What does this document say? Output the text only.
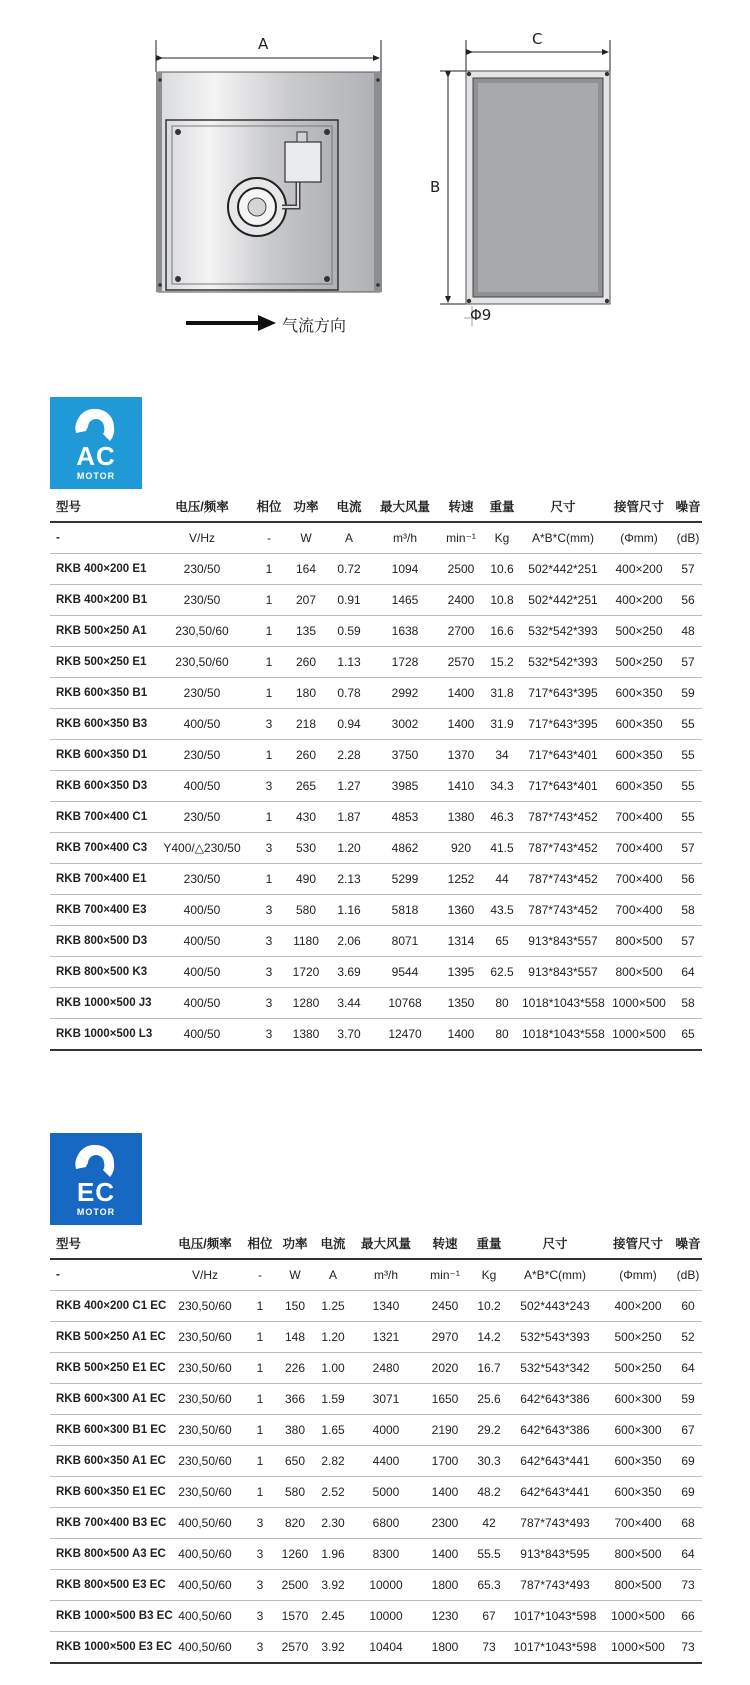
A
B
C
Φ9
气流方向
AC
MOTOR
型号	电压/频率	相位	功率	电流	最大风量	转速	重量	尺寸	接管尺寸	噪音
-	V/Hz	-	W	A	m³/h	min⁻¹	Kg	A*B*C(mm)	(Φmm)	(dB)
RKB 400×200 E1	230/50	1	164	0.72	1094	2500	10.6	502*442*251	400×200	57
RKB 400×200 B1	230/50	1	207	0.91	1465	2400	10.8	502*442*251	400×200	56
RKB 500×250 A1	230,50/60	1	135	0.59	1638	2700	16.6	532*542*393	500×250	48
RKB 500×250 E1	230,50/60	1	260	1.13	1728	2570	15.2	532*542*393	500×250	57
RKB 600×350 B1	230/50	1	180	0.78	2992	1400	31.8	717*643*395	600×350	59
RKB 600×350 B3	400/50	3	218	0.94	3002	1400	31.9	717*643*395	600×350	55
RKB 600×350 D1	230/50	1	260	2.28	3750	1370	34	717*643*401	600×350	55
RKB 600×350 D3	400/50	3	265	1.27	3985	1410	34.3	717*643*401	600×350	55
RKB 700×400 C1	230/50	1	430	1.87	4853	1380	46.3	787*743*452	700×400	55
RKB 700×400 C3	Y400/△230/50	3	530	1.20	4862	920	41.5	787*743*452	700×400	57
RKB 700×400 E1	230/50	1	490	2.13	5299	1252	44	787*743*452	700×400	56
RKB 700×400 E3	400/50	3	580	1.16	5818	1360	43.5	787*743*452	700×400	58
RKB 800×500 D3	400/50	3	1180	2.06	8071	1314	65	913*843*557	800×500	57
RKB 800×500 K3	400/50	3	1720	3.69	9544	1395	62.5	913*843*557	800×500	64
RKB 1000×500 J3	400/50	3	1280	3.44	10768	1350	80	1018*1043*558	1000×500	58
RKB 1000×500 L3	400/50	3	1380	3.70	12470	1400	80	1018*1043*558	1000×500	65
EC
MOTOR
型号	电压/频率	相位	功率	电流	最大风量	转速	重量	尺寸	接管尺寸	噪音
-	V/Hz	-	W	A	m³/h	min⁻¹	Kg	A*B*C(mm)	(Φmm)	(dB)
RKB 400×200 C1 EC	230,50/60	1	150	1.25	1340	2450	10.2	502*443*243	400×200	60
RKB 500×250 A1 EC	230,50/60	1	148	1.20	1321	2970	14.2	532*543*393	500×250	52
RKB 500×250 E1 EC	230,50/60	1	226	1.00	2480	2020	16.7	532*543*342	500×250	64
RKB 600×300 A1 EC	230,50/60	1	366	1.59	3071	1650	25.6	642*643*386	600×300	59
RKB 600×300 B1 EC	230,50/60	1	380	1.65	4000	2190	29.2	642*643*386	600×300	67
RKB 600×350 A1 EC	230,50/60	1	650	2.82	4400	1700	30.3	642*643*441	600×350	69
RKB 600×350 E1 EC	230,50/60	1	580	2.52	5000	1400	48.2	642*643*441	600×350	69
RKB 700×400 B3 EC	400,50/60	3	820	2.30	6800	2300	42	787*743*493	700×400	68
RKB 800×500 A3 EC	400,50/60	3	1260	1.96	8300	1400	55.5	913*843*595	800×500	64
RKB 800×500 E3 EC	400,50/60	3	2500	3.92	10000	1800	65.3	787*743*493	800×500	73
RKB 1000×500 B3 EC	400,50/60	3	1570	2.45	10000	1230	67	1017*1043*598	1000×500	66
RKB 1000×500 E3 EC	400,50/60	3	2570	3.92	10404	1800	73	1017*1043*598	1000×500	73
